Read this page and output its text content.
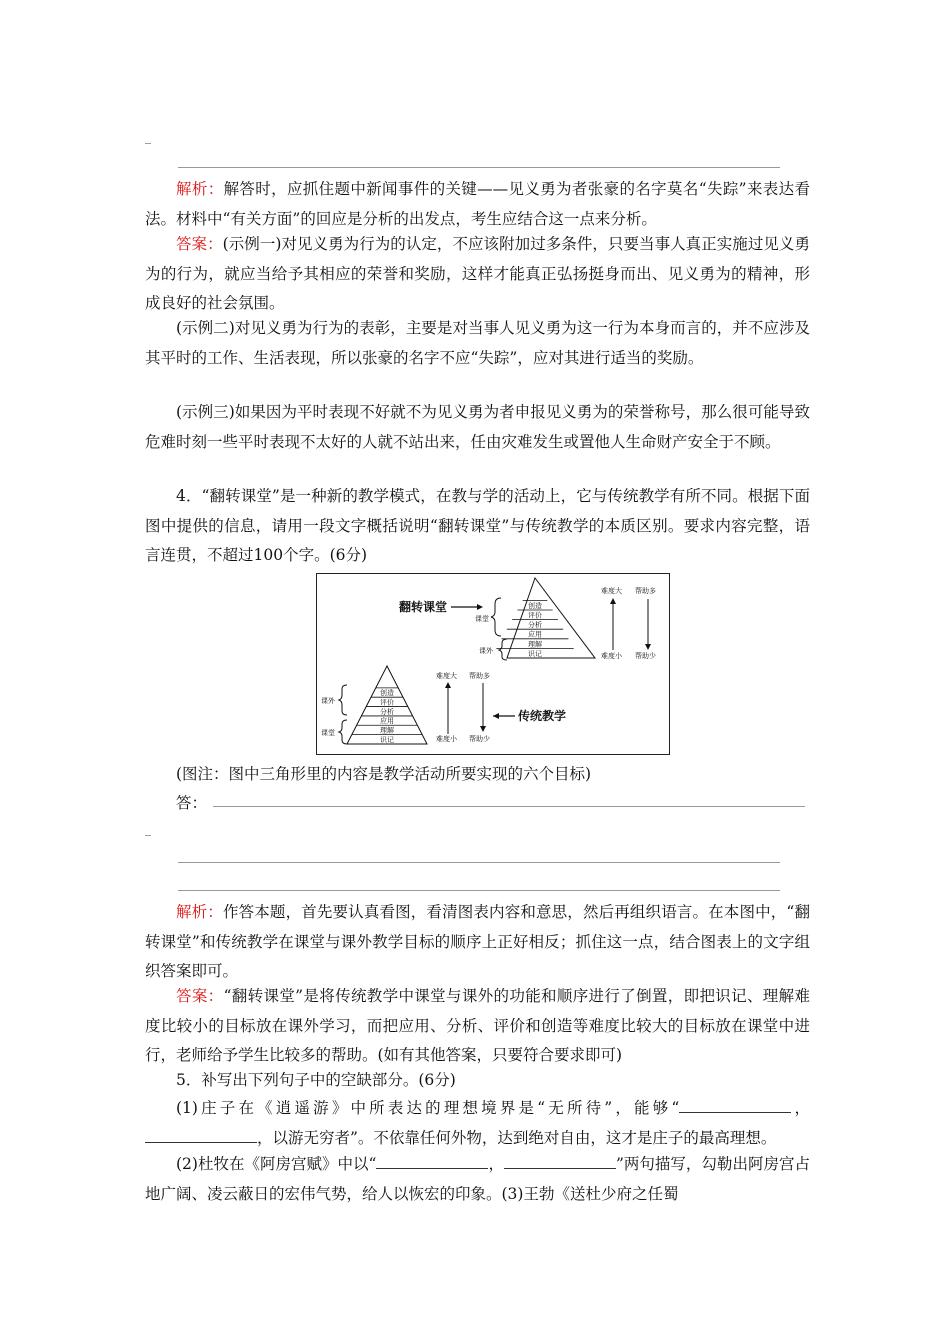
_

解析：解答时，应抓住题中新闻事件的关键——见义勇为者张豪的名字莫名“失踪”来表达看法。材料中“有关方面”的回应是分析的出发点，考生应结合这一点来分析。

答案：(示例一)对见义勇为行为的认定，不应该附加过多条件，只要当事人真正实施过见义勇为的行为，就应当给予其相应的荣誉和奖励，这样才能真正弘扬挺身而出、见义勇为的精神，形成良好的社会氛围。

(示例二)对见义勇为行为的表彰，主要是对当事人见义勇为这一行为本身而言的，并不应涉及其平时的工作、生活表现，所以张豪的名字不应“失踪”，应对其进行适当的奖励。

(示例三)如果因为平时表现不好就不为见义勇为者申报见义勇为的荣誉称号，那么很可能导致危难时刻一些平时表现不太好的人就不站出来，任由灾难发生或置他人生命财产安全于不顾。

4．“翻转课堂”是一种新的教学模式，在教与学的活动上，它与传统教学有所不同。根据下面图中提供的信息，请用一段文字概括说明“翻转课堂”与传统教学的本质区别。要求内容完整，语言连贯，不超过100个字。(6分)

翻转课堂	创造
评价
分析
应用
理解
识记
课堂
课外
难度大 帮助多
难度小 帮助少
创造
评价
分析
应用
理解
识记
课外
课堂
难度大 帮助多
难度小 帮助少
传统教学

(图注：图中三角形里的内容是教学活动所要实现的六个目标)

答：

_

解析：作答本题，首先要认真看图，看清图表内容和意思，然后再组织语言。在本图中，“翻转课堂”和传统教学在课堂与课外教学目标的顺序上正好相反；抓住这一点，结合图表上的文字组织答案即可。

答案：“翻转课堂”是将传统教学中课堂与课外的功能和顺序进行了倒置，即把识记、理解难度比较小的目标放在课外学习，而把应用、分析、评价和创造等难度比较大的目标放在课堂中进行，老师给予学生比较多的帮助。(如有其他答案，只要符合要求即可)

5．补写出下列句子中的空缺部分。(6分)

(1)庄子在《逍遥游》中所表达的理想境界是“无所待”，能够“	，，以游无穷者”。不依靠任何外物，达到绝对自由，这才是庄子的最高理想。

(2)杜牧在《阿房宫赋》中以“	，	”两句描写，勾勒出阿房宫占地广阔、凌云蔽日的宏伟气势，给人以恢宏的印象。(3)王勃《送杜少府之任蜀
